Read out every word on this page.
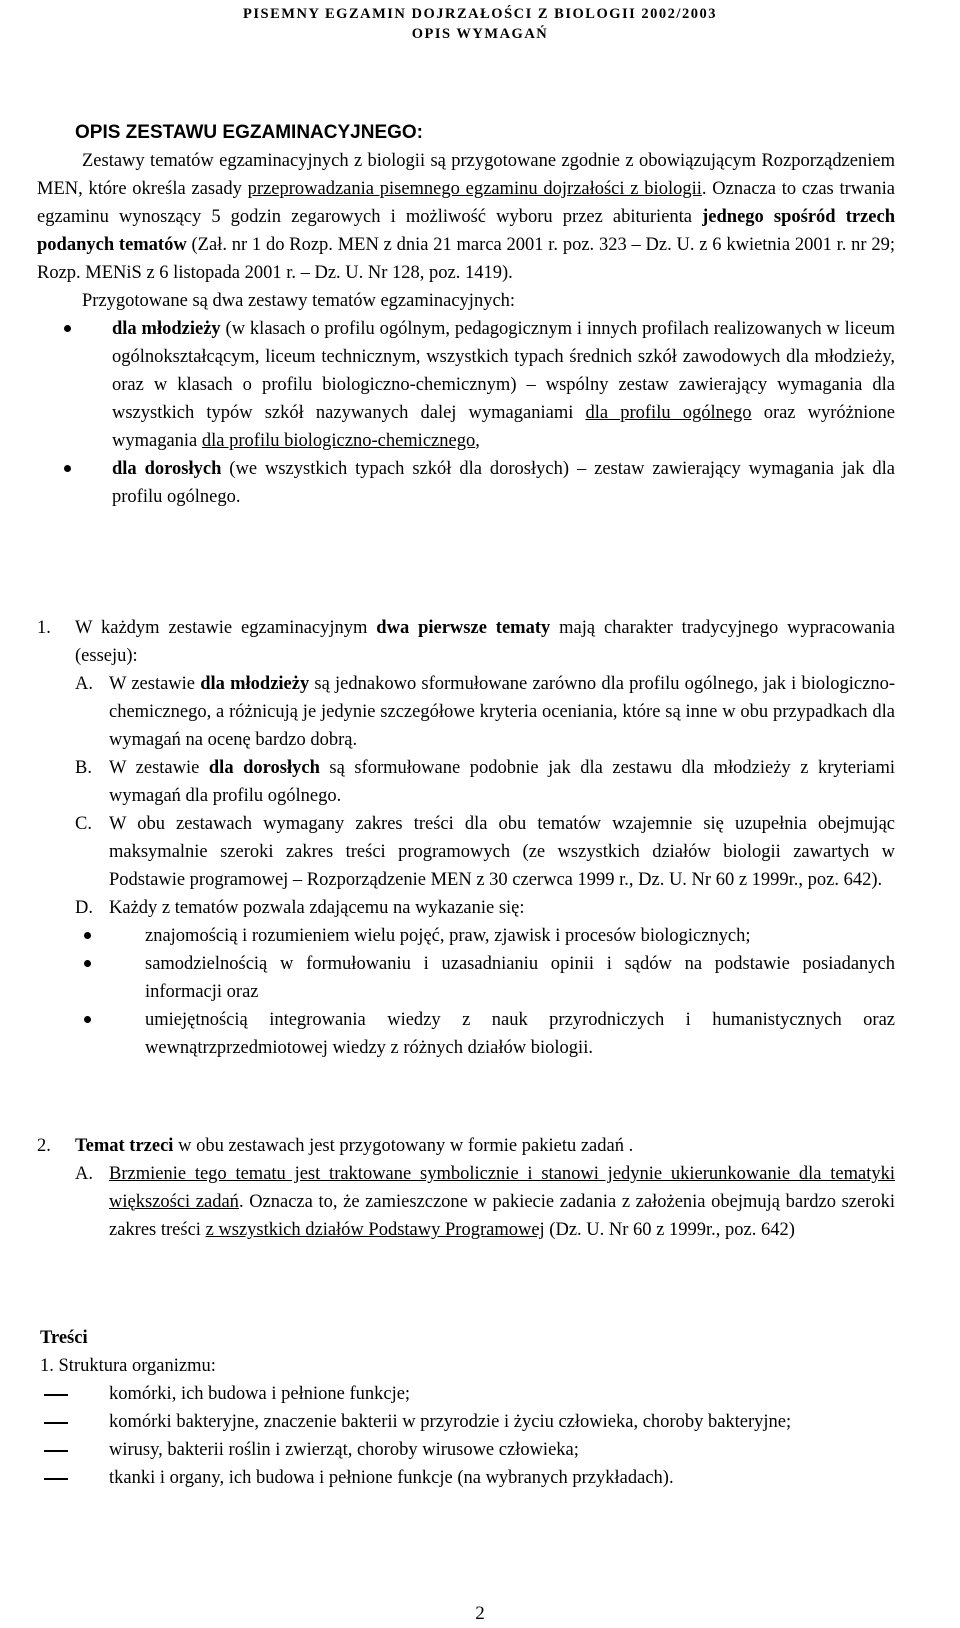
PISEMNY EGZAMIN DOJRZAŁOŚCI Z BIOLOGII 2002/2003
OPIS WYMAGAŃ
OPIS ZESTAWU EGZAMINACYJNEGO:

Zestawy tematów egzaminacyjnych z biologii są przygotowane zgodnie z obowiązującym Rozporządzeniem MEN, które określa zasady przeprowadzania pisemnego egzaminu dojrzałości z biologii. Oznacza to czas trwania egzaminu wynoszący 5 godzin zegarowych i możliwość wyboru przez abiturienta jednego spośród trzech podanych tematów (Zał. nr 1 do Rozp. MEN z dnia 21 marca 2001 r. poz. 323 – Dz. U. z 6 kwietnia 2001 r. nr 29; Rozp. MENiS z 6 listopada 2001 r. – Dz. U. Nr 128, poz. 1419).

Przygotowane są dwa zestawy tematów egzaminacyjnych:

dla młodzieży (w klasach o profilu ogólnym, pedagogicznym i innych profilach realizowanych w liceum ogólnokształcącym, liceum technicznym, wszystkich typach średnich szkół zawodowych dla młodzieży, oraz w klasach o profilu biologiczno-chemicznym) – wspólny zestaw zawierający wymagania dla wszystkich typów szkół nazywanych dalej wymaganiami dla profilu ogólnego oraz wyróżnione wymagania dla profilu biologiczno-chemicznego,
dla dorosłych (we wszystkich typach szkół dla dorosłych) – zestaw zawierający wymagania jak dla profilu ogólnego.
1. W każdym zestawie egzaminacyjnym dwa pierwsze tematy mają charakter tradycyjnego wypracowania (esseju):
A. W zestawie dla młodzieży są jednakowo sformułowane zarówno dla profilu ogólnego, jak i biologiczno-chemicznego, a różnicują je jedynie szczegółowe kryteria oceniania, które są inne w obu przypadkach dla wymagań na ocenę bardzo dobrą.
B. W zestawie dla dorosłych są sformułowane podobnie jak dla zestawu dla młodzieży z kryteriami wymagań dla profilu ogólnego.
C. W obu zestawach wymagany zakres treści dla obu tematów wzajemnie się uzupełnia obejmując maksymalnie szeroki zakres treści programowych (ze wszystkich działów biologii zawartych w Podstawie programowej – Rozporządzenie MEN z 30 czerwca 1999 r., Dz. U. Nr 60 z 1999r., poz. 642).
D. Każdy z tematów pozwala zdającemu na wykazanie się:
znajomością i rozumieniem wielu pojęć, praw, zjawisk i procesów biologicznych;
samodzielnością w formułowaniu i uzasadnianiu opinii i sądów na podstawie posiadanych informacji oraz
umiejętnością integrowania wiedzy z nauk przyrodniczych i humanistycznych oraz wewnątrzprzedmiotowej wiedzy z różnych działów biologii.
2. Temat trzeci w obu zestawach jest przygotowany w formie pakietu zadań .
A. Brzmienie tego tematu jest traktowane symbolicznie i stanowi jedynie ukierunkowanie dla tematyki większości zadań. Oznacza to, że zamieszczone w pakiecie zadania z założenia obejmują bardzo szeroki zakres treści z wszystkich działów Podstawy Programowej (Dz. U. Nr 60 z 1999r., poz. 642)
Treści
1. Struktura organizmu:
komórki, ich budowa i pełnione funkcje;
komórki bakteryjne, znaczenie bakterii w przyrodzie i życiu człowieka, choroby bakteryjne;
wirusy, bakterii roślin i zwierząt, choroby wirusowe człowieka;
tkanki i organy, ich budowa i pełnione funkcje (na wybranych przykładach).
2
